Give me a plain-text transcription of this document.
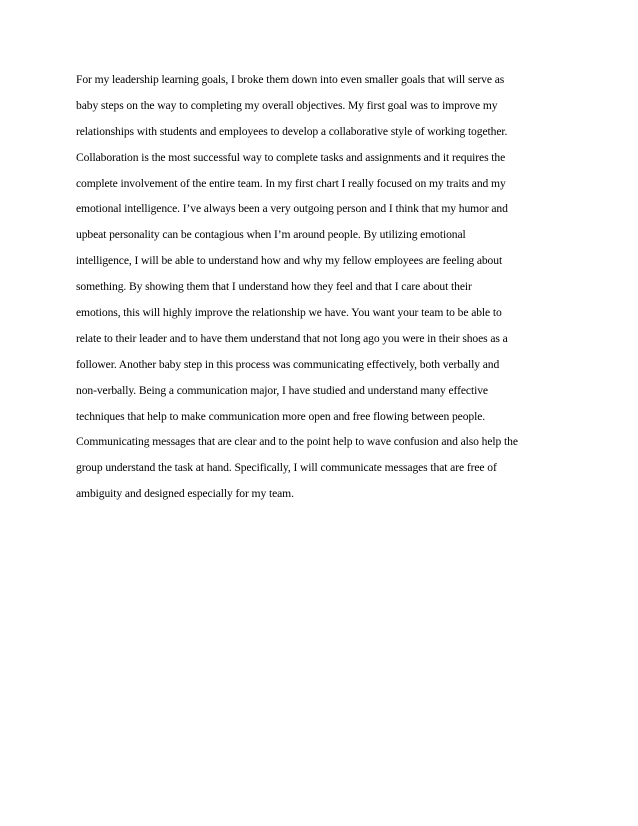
For my leadership learning goals, I broke them down into even smaller goals that will serve as
baby steps on the way to completing my overall objectives. My first goal was to improve my
relationships with students and employees to develop a collaborative style of working together.
Collaboration is the most successful way to complete tasks and assignments and it requires the
complete involvement of the entire team. In my first chart I really focused on my traits and my
emotional intelligence. I’ve always been a very outgoing person and I think that my humor and
upbeat personality can be contagious when I’m around people. By utilizing emotional
intelligence, I will be able to understand how and why my fellow employees are feeling about
something. By showing them that I understand how they feel and that I care about their
emotions, this will highly improve the relationship we have. You want your team to be able to
relate to their leader and to have them understand that not long ago you were in their shoes as a
follower. Another baby step in this process was communicating effectively, both verbally and
non-verbally. Being a communication major, I have studied and understand many effective
techniques that help to make communication more open and free flowing between people.
Communicating messages that are clear and to the point help to wave confusion and also help the
group understand the task at hand. Specifically, I will communicate messages that are free of
ambiguity and designed especially for my team.
